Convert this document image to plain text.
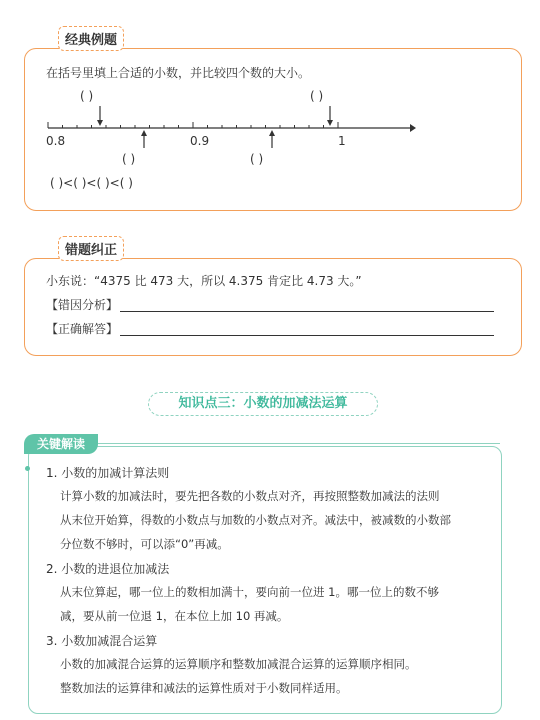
经典例题
在括号里填上合适的小数，并比较四个数的大小。
( )	( )
0.8	0.9	1
( )	( )
( )<( )<( )<( )
错题纠正
小东说：“4375 比 473 大，所以 4.375 肯定比 4.73 大。”
【错因分析】
【正确解答】
知识点三：小数的加减法运算
关键解读
1. 小数的加减计算法则
计算小数的加减法时，要先把各数的小数点对齐，再按照整数加减法的法则
从末位开始算，得数的小数点与加数的小数点对齐。减法中，被减数的小数部
分位数不够时，可以添“0”再减。
2. 小数的进退位加减法
从末位算起，哪一位上的数相加满十，要向前一位进 1。哪一位上的数不够
减，要从前一位退 1，在本位上加 10 再减。
3. 小数加减混合运算
小数的加减混合运算的运算顺序和整数加减混合运算的运算顺序相同。
整数加法的运算律和减法的运算性质对于小数同样适用。
